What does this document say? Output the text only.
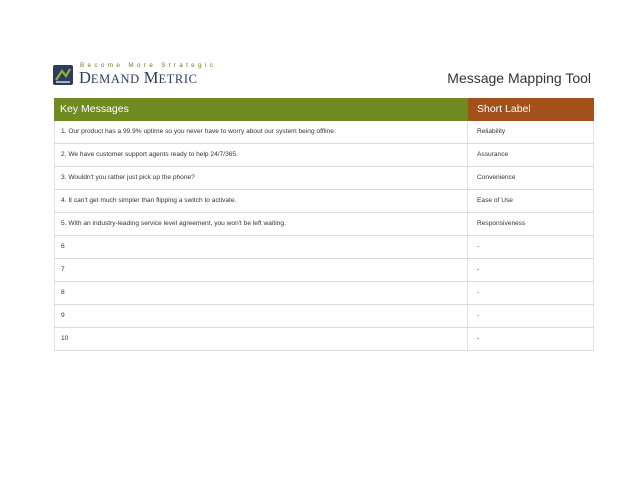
Become More Strategic
DEMAND METRIC	Message Mapping Tool
Key Messages	Short Label
1. Our product has a 99.9% uptime so you never have to worry about our system being offline.	Reliability
2. We have customer support agents ready to help 24/7/365.	Assurance
3. Wouldn't you rather just pick up the phone?	Convenience
4. It can't get much simpler than flipping a switch to activate.	Ease of Use
5. With an industry-leading service level agreement, you won't be left waiting.	Responsiveness
6	-
7	-
8	-
9	-
10	-
